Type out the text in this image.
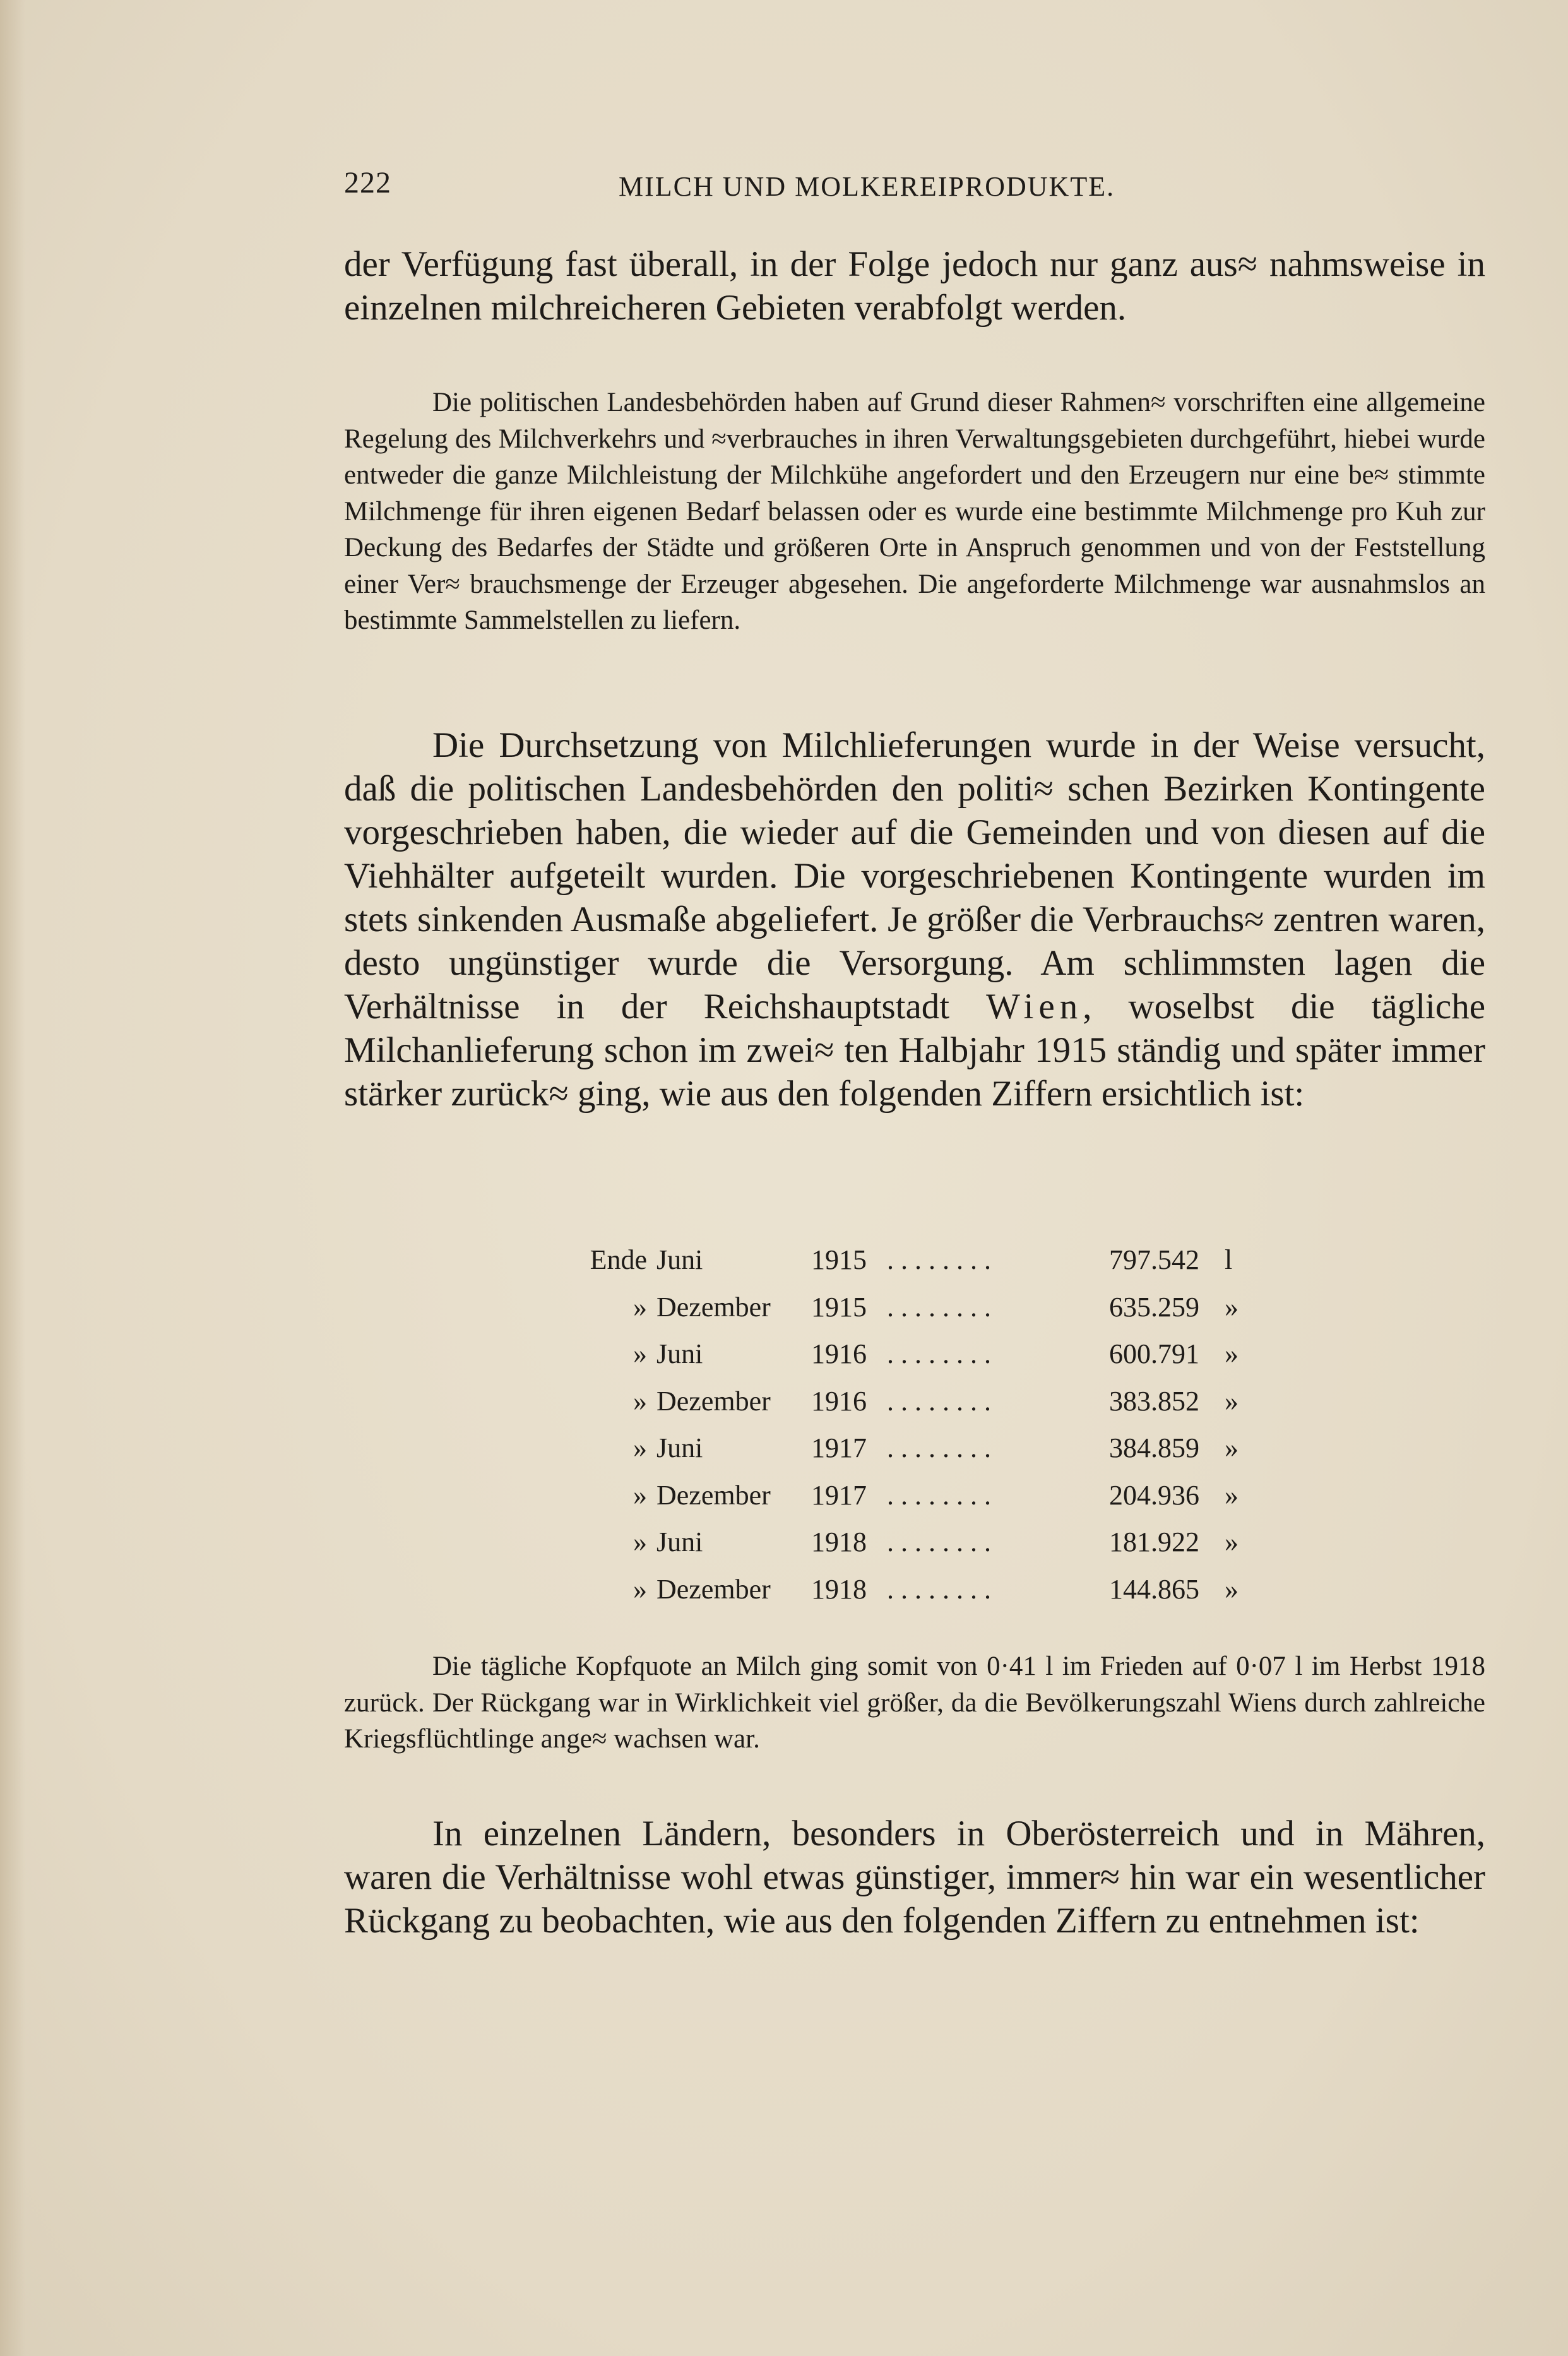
222	MILCH UND MOLKEREIPRODUKTE.

der Verfügung fast überall, in der Folge jedoch nur ganz aus≈ nahmsweise in einzelnen milchreicheren Gebieten verabfolgt werden.

Die politischen Landesbehörden haben auf Grund dieser Rahmen≈ vorschriften eine allgemeine Regelung des Milchverkehrs und ≈verbrauches in ihren Verwaltungsgebieten durchgeführt, hiebei wurde entweder die ganze Milchleistung der Milchkühe angefordert und den Erzeugern nur eine be≈ stimmte Milchmenge für ihren eigenen Bedarf belassen oder es wurde eine bestimmte Milchmenge pro Kuh zur Deckung des Bedarfes der Städte und größeren Orte in Anspruch genommen und von der Feststellung einer Ver≈ brauchsmenge der Erzeuger abgesehen. Die angeforderte Milchmenge war ausnahmslos an bestimmte Sammelstellen zu liefern.

Die Durchsetzung von Milchlieferungen wurde in der Weise versucht, daß die politischen Landesbehörden den politi≈ schen Bezirken Kontingente vorgeschrieben haben, die wieder auf die Gemeinden und von diesen auf die Viehhälter aufgeteilt wurden. Die vorgeschriebenen Kontingente wurden im stets sinkenden Ausmaße abgeliefert. Je größer die Verbrauchs≈ zentren waren, desto ungünstiger wurde die Versorgung. Am schlimmsten lagen die Verhältnisse in der Reichshauptstadt Wien, woselbst die tägliche Milchanlieferung schon im zwei≈ ten Halbjahr 1915 ständig und später immer stärker zurück≈ ging, wie aus den folgenden Ziffern ersichtlich ist:

Ende Juni	1915 ........	797.542 l
» Dezember 1915 ........	635.259 »
» Juni	1916 ........	600.791 »
» Dezember 1916 ........	383.852 »
» Juni	1917 ........	384.859 »
» Dezember 1917 ........	204.936 »
» Juni	1918 ........	181.922 »
» Dezember 1918 ........	144.865 »

Die tägliche Kopfquote an Milch ging somit von 0·41 l im Frieden auf 0·07 l im Herbst 1918 zurück. Der Rückgang war in Wirklichkeit viel größer, da die Bevölkerungszahl Wiens durch zahlreiche Kriegsflüchtlinge ange≈ wachsen war.

In einzelnen Ländern, besonders in Oberösterreich und in Mähren, waren die Verhältnisse wohl etwas günstiger, immer≈ hin war ein wesentlicher Rückgang zu beobachten, wie aus den folgenden Ziffern zu entnehmen ist:
